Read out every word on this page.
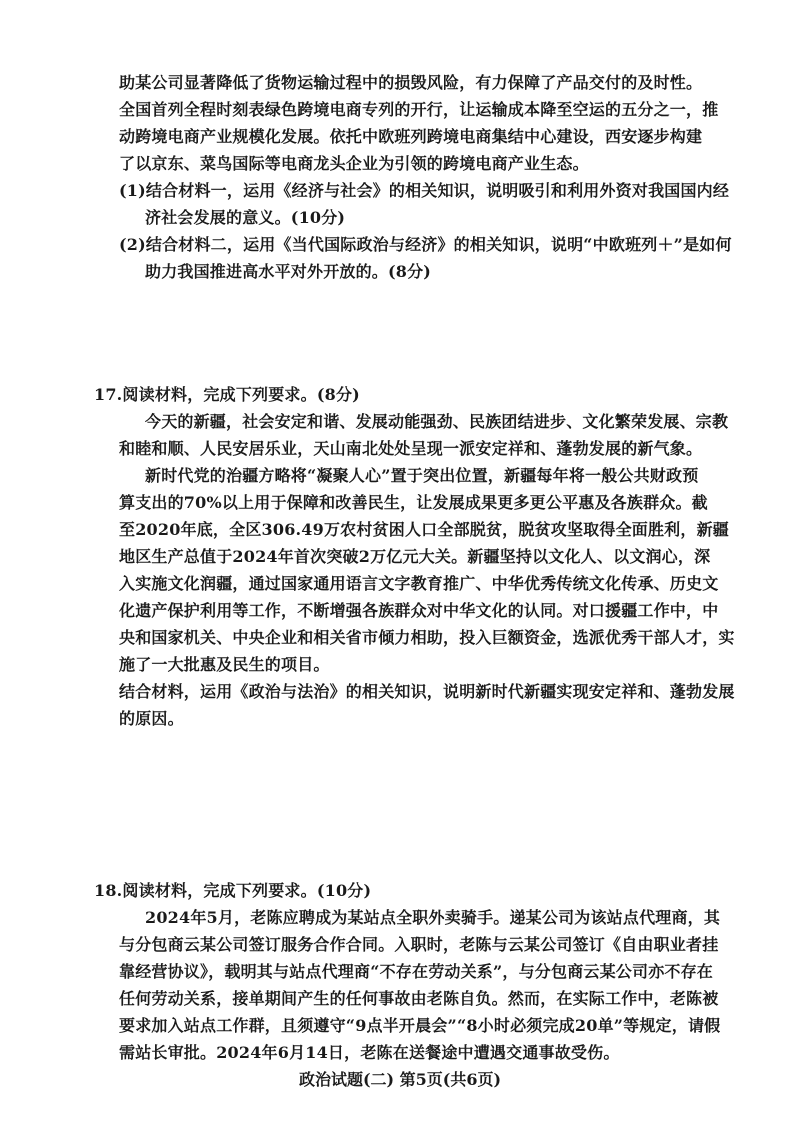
助某公司显著降低了货物运输过程中的损毁风险，有力保障了产品交付的及时性。
全国首列全程时刻表绿色跨境电商专列的开行，让运输成本降至空运的五分之一，推
动跨境电商产业规模化发展。依托中欧班列跨境电商集结中心建设，西安逐步构建
了以京东、菜鸟国际等电商龙头企业为引领的跨境电商产业生态。
(1)结合材料一，运用《经济与社会》的相关知识，说明吸引和利用外资对我国国内经
济社会发展的意义。(10分)
(2)结合材料二，运用《当代国际政治与经济》的相关知识，说明“中欧班列＋”是如何
助力我国推进高水平对外开放的。(8分)
17.阅读材料，完成下列要求。(8分)
今天的新疆，社会安定和谐、发展动能强劲、民族团结进步、文化繁荣发展、宗教
和睦和顺、人民安居乐业，天山南北处处呈现一派安定祥和、蓬勃发展的新气象。
新时代党的治疆方略将“凝聚人心”置于突出位置，新疆每年将一般公共财政预
算支出的70%以上用于保障和改善民生，让发展成果更多更公平惠及各族群众。截
至2020年底，全区306.49万农村贫困人口全部脱贫，脱贫攻坚取得全面胜利，新疆
地区生产总值于2024年首次突破2万亿元大关。新疆坚持以文化人、以文润心，深
入实施文化润疆，通过国家通用语言文字教育推广、中华优秀传统文化传承、历史文
化遗产保护利用等工作，不断增强各族群众对中华文化的认同。对口援疆工作中，中
央和国家机关、中央企业和相关省市倾力相助，投入巨额资金，选派优秀干部人才，实
施了一大批惠及民生的项目。
结合材料，运用《政治与法治》的相关知识，说明新时代新疆实现安定祥和、蓬勃发展
的原因。
18.阅读材料，完成下列要求。(10分)
2024年5月，老陈应聘成为某站点全职外卖骑手。递某公司为该站点代理商，其
与分包商云某公司签订服务合作合同。入职时，老陈与云某公司签订《自由职业者挂
靠经营协议》，载明其与站点代理商“不存在劳动关系”，与分包商云某公司亦不存在
任何劳动关系，接单期间产生的任何事故由老陈自负。然而，在实际工作中，老陈被
要求加入站点工作群，且须遵守“9点半开晨会”“8小时必须完成20单”等规定，请假
需站长审批。2024年6月14日，老陈在送餐途中遭遇交通事故受伤。
政治试题(二) 第5页(共6页)
